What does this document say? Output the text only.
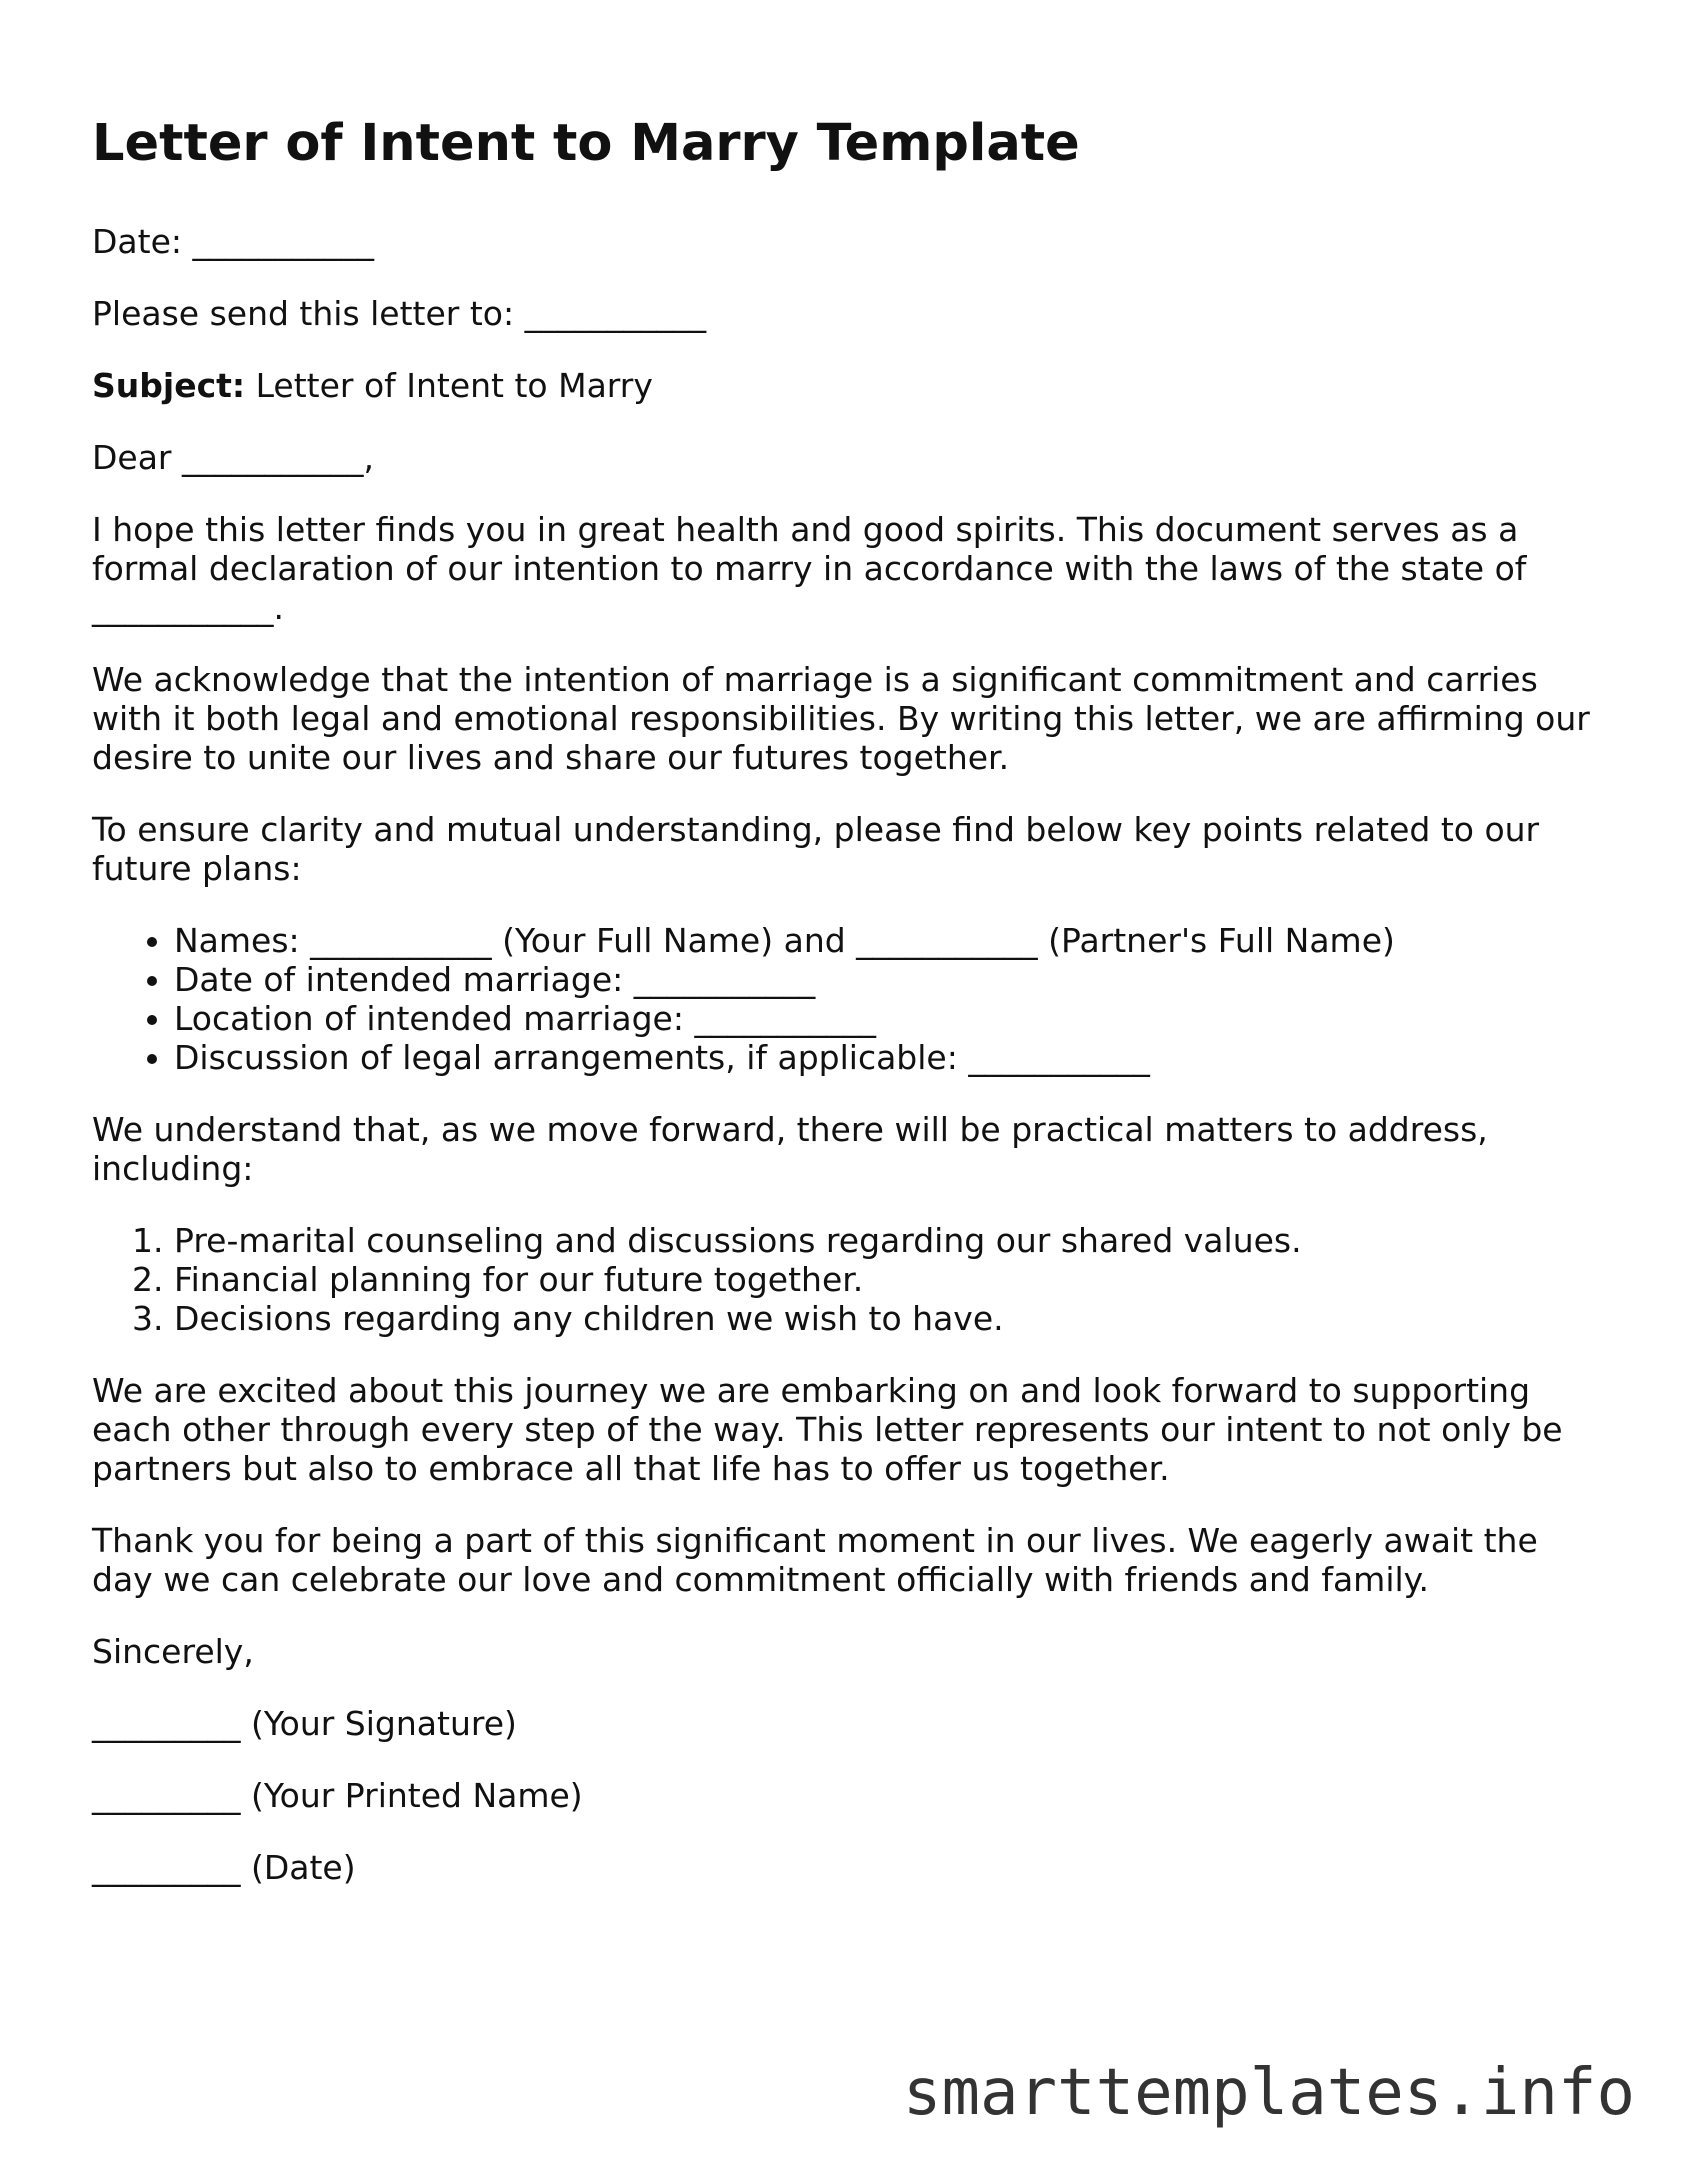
Letter of Intent to Marry Template

Date: ___________

Please send this letter to: ___________

Subject: Letter of Intent to Marry

Dear ___________,

I hope this letter finds you in great health and good spirits. This document serves as a formal declaration of our intention to marry in accordance with the laws of the state of ___________.

We acknowledge that the intention of marriage is a significant commitment and carries with it both legal and emotional responsibilities. By writing this letter, we are affirming our desire to unite our lives and share our futures together.

To ensure clarity and mutual understanding, please find below key points related to our future plans:

• Names: ___________ (Your Full Name) and ___________ (Partner's Full Name)
• Date of intended marriage: ___________
• Location of intended marriage: ___________
• Discussion of legal arrangements, if applicable: ___________

We understand that, as we move forward, there will be practical matters to address, including:

1. Pre-marital counseling and discussions regarding our shared values.
2. Financial planning for our future together.
3. Decisions regarding any children we wish to have.

We are excited about this journey we are embarking on and look forward to supporting each other through every step of the way. This letter represents our intent to not only be partners but also to embrace all that life has to offer us together.

Thank you for being a part of this significant moment in our lives. We eagerly await the day we can celebrate our love and commitment officially with friends and family.

Sincerely,

_________ (Your Signature)

_________ (Your Printed Name)

_________ (Date)

smarttemplates.info
